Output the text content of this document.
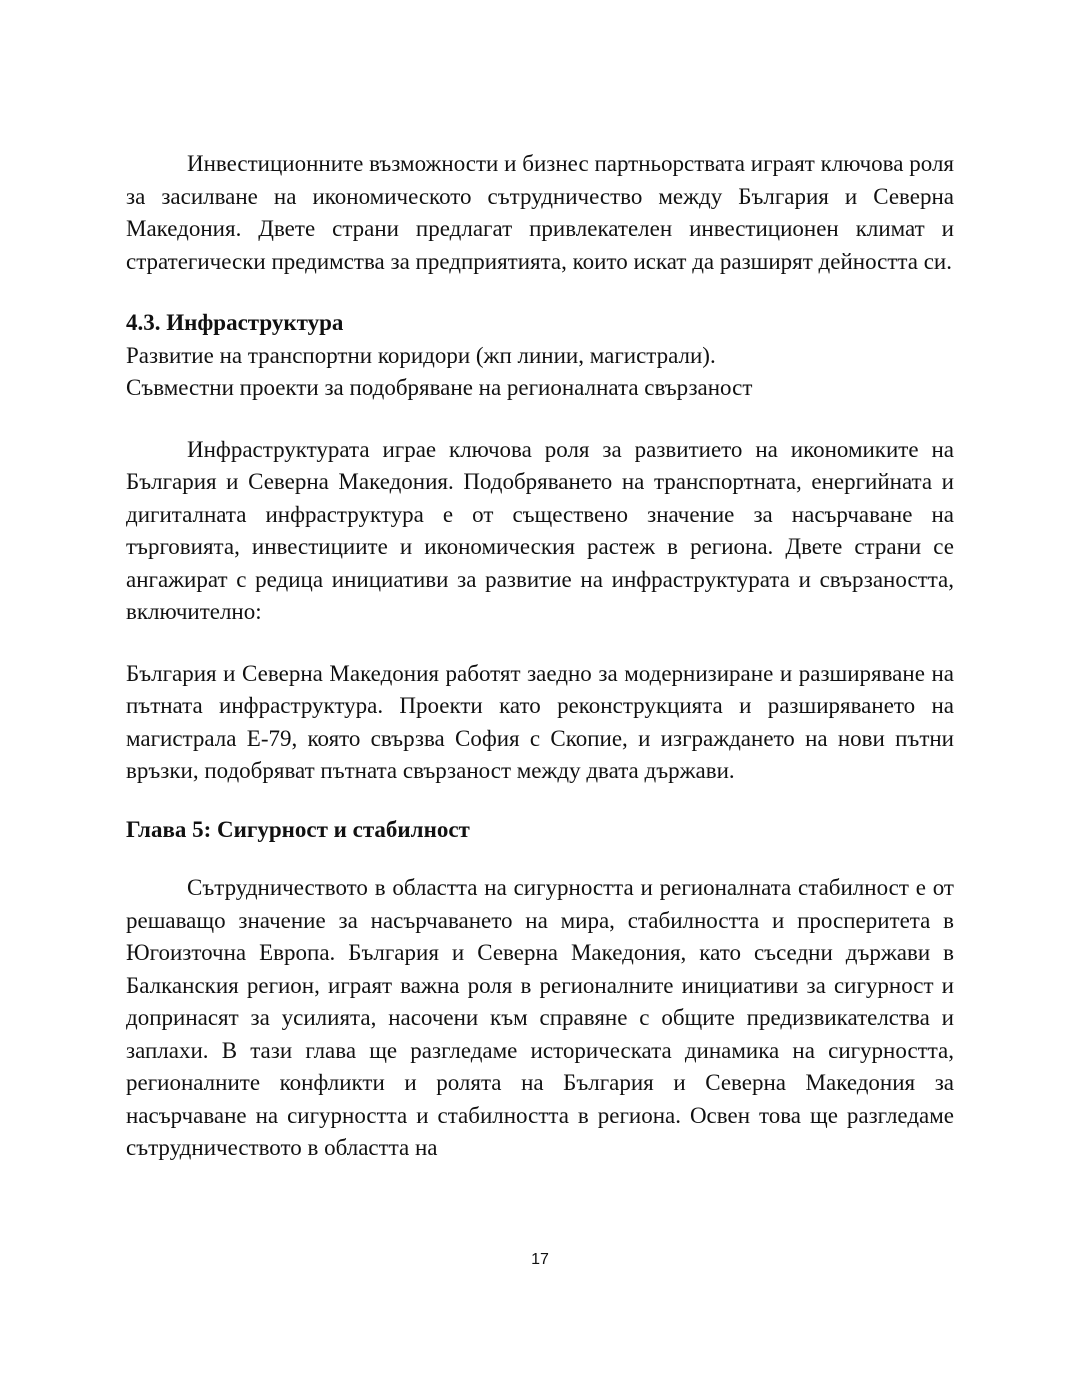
Инвестиционните възможности и бизнес партньорствата играят ключова роля за засилване на икономическото сътрудничество между България и Северна Македония. Двете страни предлагат привлекателен инвестиционен климат и стратегически предимства за предприятията, които искат да разширят дейността си.

4.3. Инфраструктура

Развитие на транспортни коридори (жп линии, магистрали).

Съвместни проекти за подобряване на регионалната свързаност

Инфраструктурата играе ключова роля за развитието на икономиките на България и Северна Македония. Подобряването на транспортната, енергийната и дигиталната инфраструктура е от съществено значение за насърчаване на търговията, инвестициите и икономическия растеж в региона. Двете страни се ангажират с редица инициативи за развитие на инфраструктурата и свързаността, включително:

България и Северна Македония работят заедно за модернизиране и разширяване на пътната инфраструктура. Проекти като реконструкцията и разширяването на магистрала Е-79, която свързва София с Скопие, и изграждането на нови пътни връзки, подобряват пътната свързаност между двата държави.

Глава 5: Сигурност и стабилност

Сътрудничеството в областта на сигурността и регионалната стабилност е от решаващо значение за насърчаването на мира, стабилността и просперитета в Югоизточна Европа. България и Северна Македония, като съседни държави в Балканския регион, играят важна роля в регионалните инициативи за сигурност и допринасят за усилията, насочени към справяне с общите предизвикателства и заплахи. В тази глава ще разгледаме историческата динамика на сигурността, регионалните конфликти и ролята на България и Северна Македония за насърчаване на сигурността и стабилността в региона. Освен това ще разгледаме сътрудничеството в областта на

17
